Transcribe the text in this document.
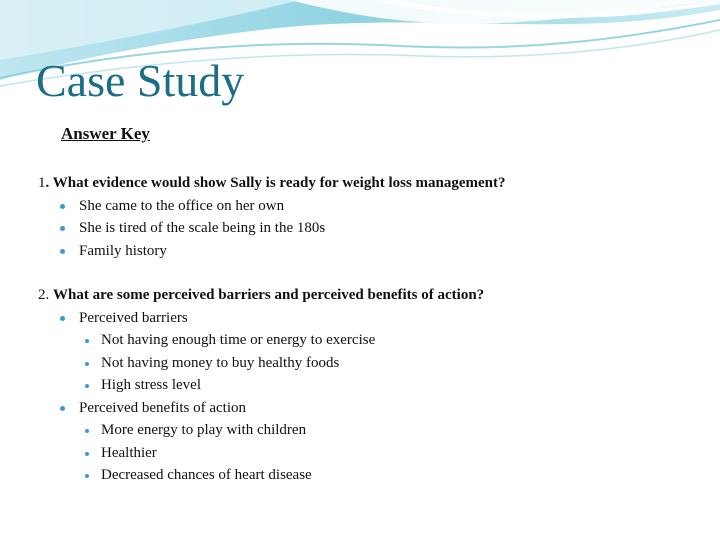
Case Study

Answer Key

1. What evidence would show Sally is ready for weight loss management?

She came to the office on her own
She is tired of the scale being in the 180s
Family history

2. What are some perceived barriers and perceived benefits of action?

Perceived barriers
Not having enough time or energy to exercise
Not having money to buy healthy foods
High stress level
Perceived benefits of action
More energy to play with children
Healthier
Decreased chances of heart disease
